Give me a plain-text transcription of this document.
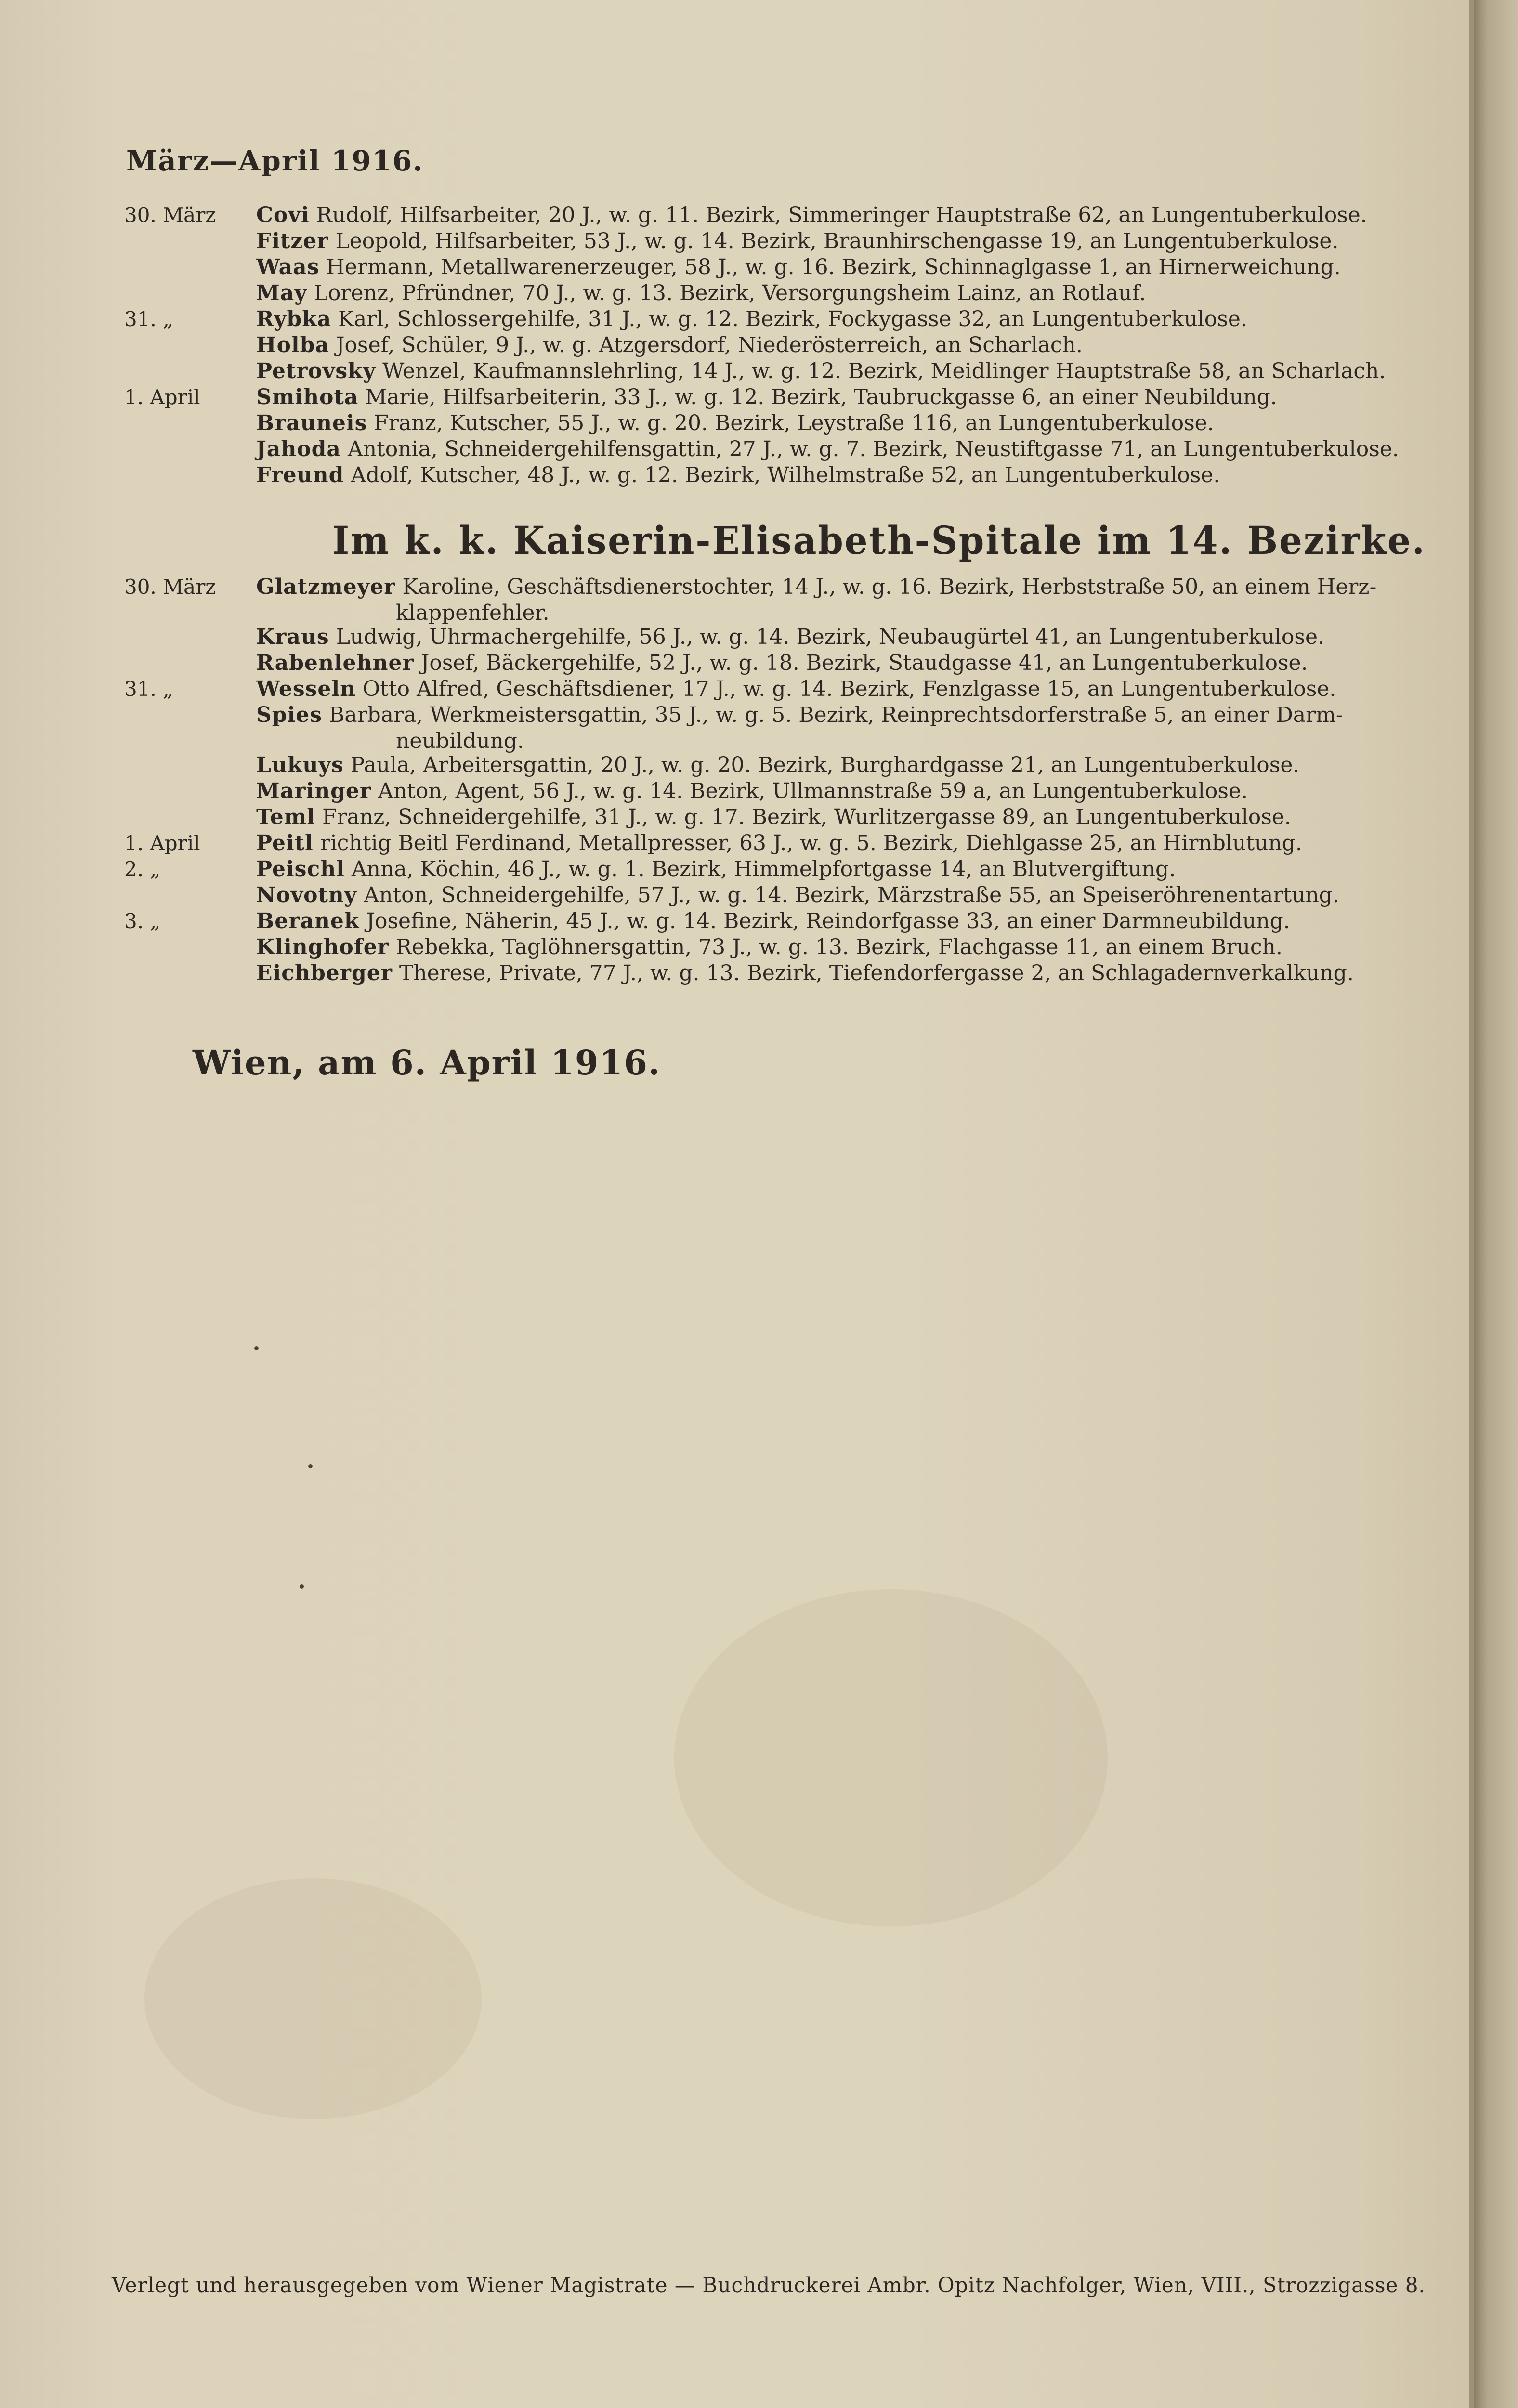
März—April 1916.
30. März	Covi Rudolf, Hilfsarbeiter, 20 J., w. g. 11. Bezirk, Simmeringer Hauptstraße 62, an Lungentuberkulose.
Fitzer Leopold, Hilfsarbeiter, 53 J., w. g. 14. Bezirk, Braunhirschengasse 19, an Lungentuberkulose.
Waas Hermann, Metallwarenerzeuger, 58 J., w. g. 16. Bezirk, Schinnaglgasse 1, an Hirnerweichung.
May Lorenz, Pfründner, 70 J., w. g. 13. Bezirk, Versorgungsheim Lainz, an Rotlauf.
31. „	Rybka Karl, Schlossergehilfe, 31 J., w. g. 12. Bezirk, Fockygasse 32, an Lungentuberkulose.
Holba Josef, Schüler, 9 J., w. g. Atzgersdorf, Niederösterreich, an Scharlach.
Petrovsky Wenzel, Kaufmannslehrling, 14 J., w. g. 12. Bezirk, Meidlinger Hauptstraße 58, an Scharlach.
1. April	Smihota Marie, Hilfsarbeiterin, 33 J., w. g. 12. Bezirk, Taubruckgasse 6, an einer Neubildung.
Brauneis Franz, Kutscher, 55 J., w. g. 20. Bezirk, Leystraße 116, an Lungentuberkulose.
Jahoda Antonia, Schneidergehilfensgattin, 27 J., w. g. 7. Bezirk, Neustiftgasse 71, an Lungentuberkulose.
Freund Adolf, Kutscher, 48 J., w. g. 12. Bezirk, Wilhelmstraße 52, an Lungentuberkulose.
Im k. k. Kaiserin-Elisabeth-Spitale im 14. Bezirke.
30. März	Glatzmeyer Karoline, Geschäftsdienerstochter, 14 J., w. g. 16. Bezirk, Herbststraße 50, an einem Herz-
klappenfehler.
Kraus Ludwig, Uhrmachergehilfe, 56 J., w. g. 14. Bezirk, Neubaugürtel 41, an Lungentuberkulose.
Rabenlehner Josef, Bäckergehilfe, 52 J., w. g. 18. Bezirk, Staudgasse 41, an Lungentuberkulose.
31. „	Wesseln Otto Alfred, Geschäftsdiener, 17 J., w. g. 14. Bezirk, Fenzlgasse 15, an Lungentuberkulose.
Spies Barbara, Werkmeistersgattin, 35 J., w. g. 5. Bezirk, Reinprechtsdorferstraße 5, an einer Darm-
neubildung.
Lukuys Paula, Arbeitersgattin, 20 J., w. g. 20. Bezirk, Burghardgasse 21, an Lungentuberkulose.
Maringer Anton, Agent, 56 J., w. g. 14. Bezirk, Ullmannstraße 59 a, an Lungentuberkulose.
Teml Franz, Schneidergehilfe, 31 J., w. g. 17. Bezirk, Wurlitzergasse 89, an Lungentuberkulose.
1. April	Peitl richtig Beitl Ferdinand, Metallpresser, 63 J., w. g. 5. Bezirk, Diehlgasse 25, an Hirnblutung.
2. „	Peischl Anna, Köchin, 46 J., w. g. 1. Bezirk, Himmelpfortgasse 14, an Blutvergiftung.
Novotny Anton, Schneidergehilfe, 57 J., w. g. 14. Bezirk, Märzstraße 55, an Speiseröhrenentartung.
3. „	Beranek Josefine, Näherin, 45 J., w. g. 14. Bezirk, Reindorfgasse 33, an einer Darmneubildung.
Klinghofer Rebekka, Taglöhnersgattin, 73 J., w. g. 13. Bezirk, Flachgasse 11, an einem Bruch.
Eichberger Therese, Private, 77 J., w. g. 13. Bezirk, Tiefendorfergasse 2, an Schlagadernverkalkung.
Wien, am 6. April 1916.
Verlegt und herausgegeben vom Wiener Magistrate — Buchdruckerei Ambr. Opitz Nachfolger, Wien, VIII., Strozzigasse 8.
